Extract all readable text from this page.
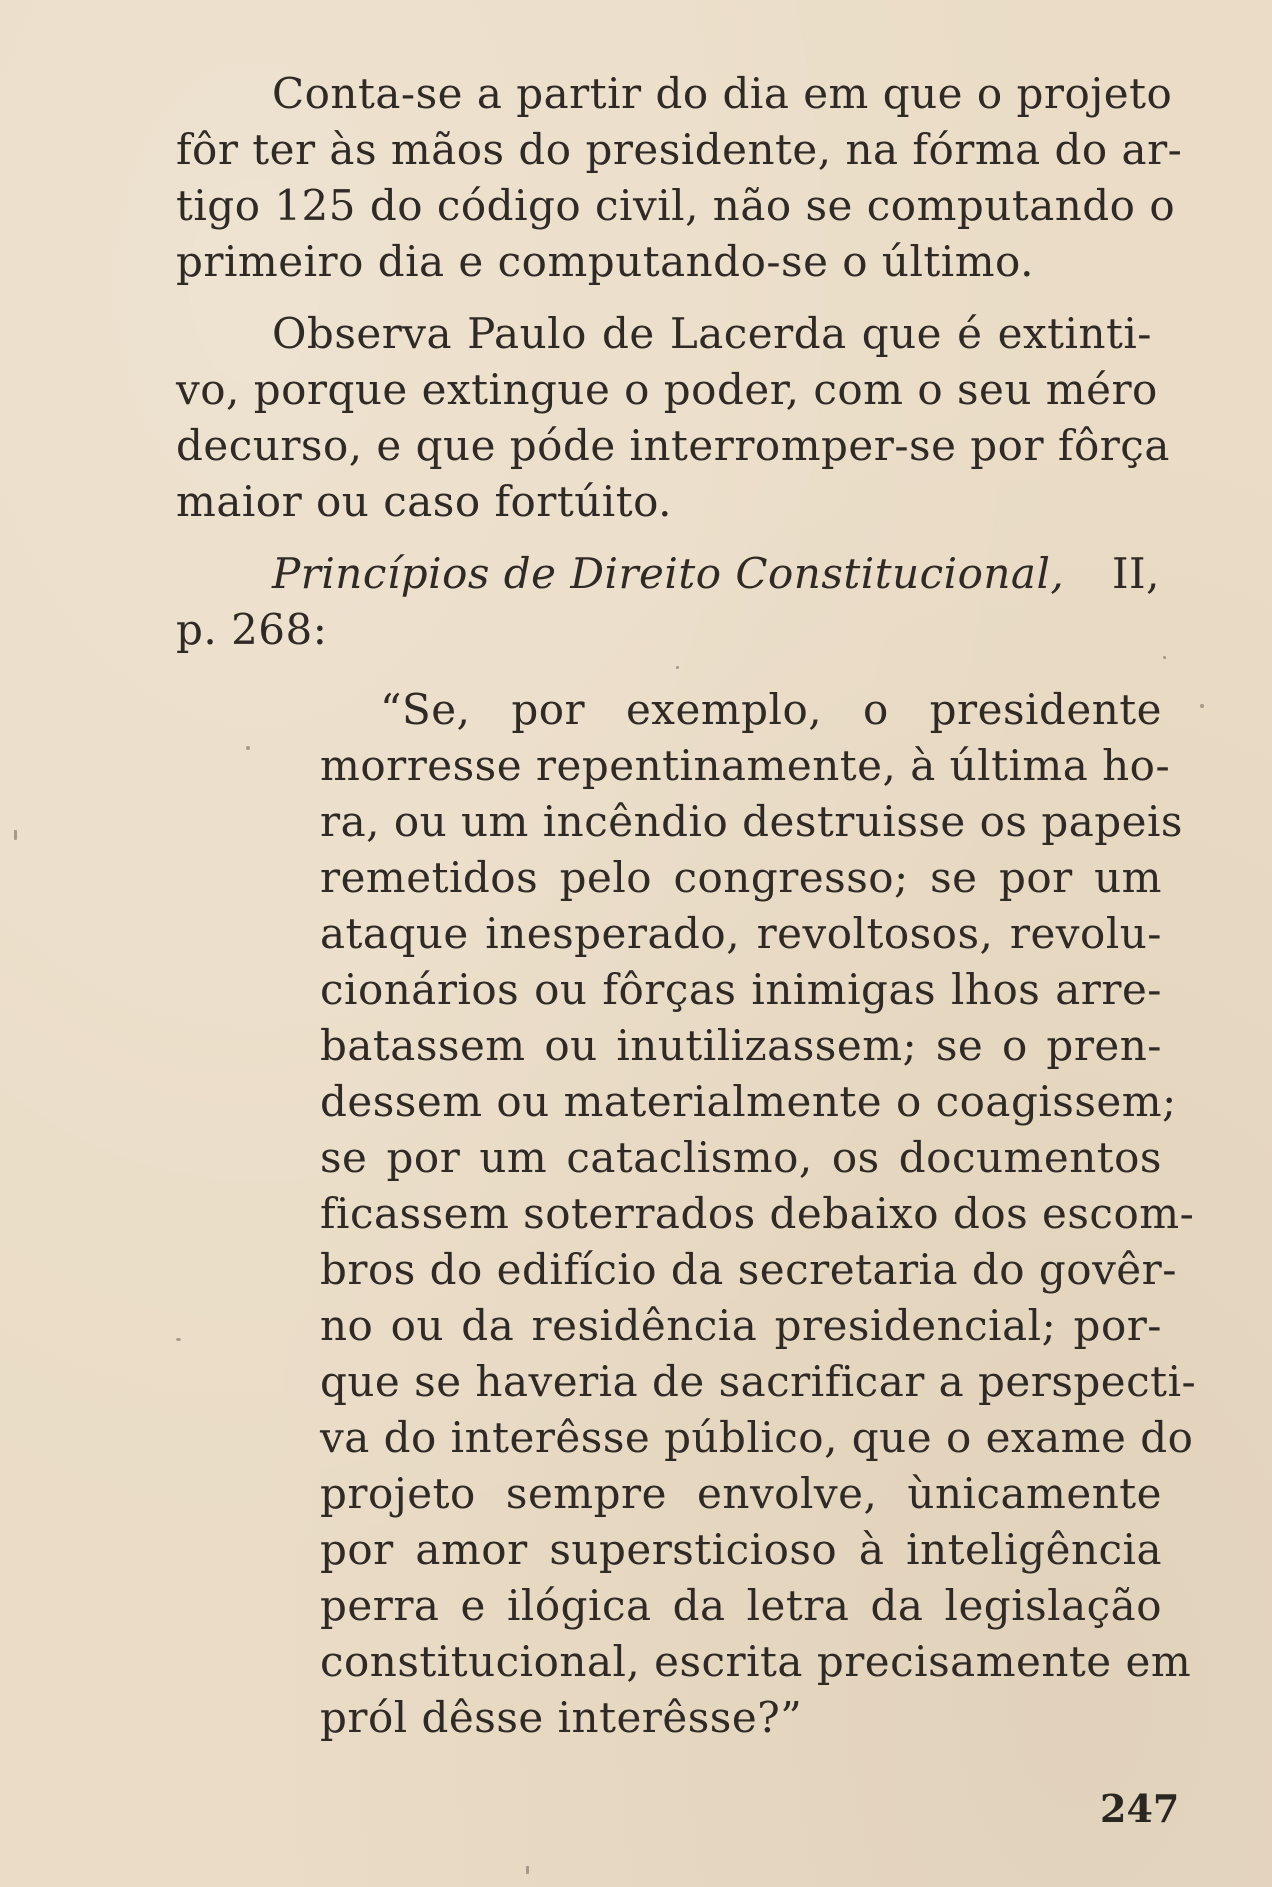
Conta-se a partir do dia em que o projeto
fôr ter às mãos do presidente, na fórma do ar-
tigo 125 do código civil, não se computando o
primeiro dia e computando-se o último.
Observa Paulo de Lacerda que é extinti-
vo, porque extingue o poder, com o seu méro
decurso, e que póde interromper-se por fôrça
maior ou caso fortúito.
Princípios de Direito Constitucional,	II,
p. 268:
“Se, por exemplo, o presidente
morresse repentinamente, à última ho-
ra, ou um incêndio destruisse os papeis
remetidos pelo congresso; se por um
ataque inesperado, revoltosos, revolu-
cionários ou fôrças inimigas lhos arre-
batassem ou inutilizassem; se o pren-
dessem ou materialmente o coagissem;
se por um cataclismo, os documentos
ficassem soterrados debaixo dos escom-
bros do edifício da secretaria do govêr-
no ou da residência presidencial; por-
que se haveria de sacrificar a perspecti-
va do interêsse público, que o exame do
projeto sempre envolve, ùnicamente
por amor supersticioso à inteligência
perra e ilógica da letra da legislação
constitucional, escrita precisamente em
pról dêsse interêsse?”
247
